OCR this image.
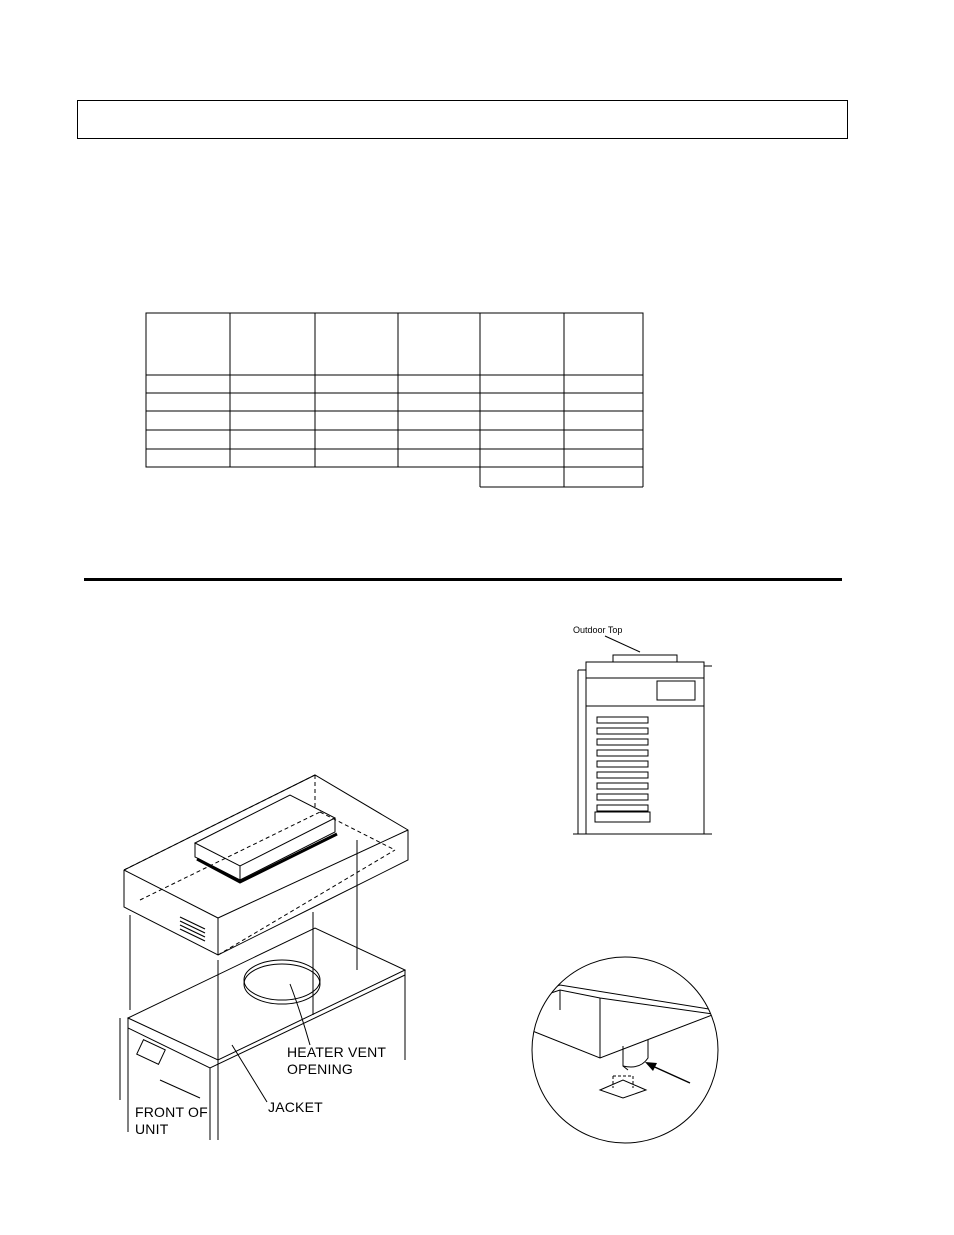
Outdoor Top
HEATER VENT
OPENING
JACKET
FRONT OF
UNIT
